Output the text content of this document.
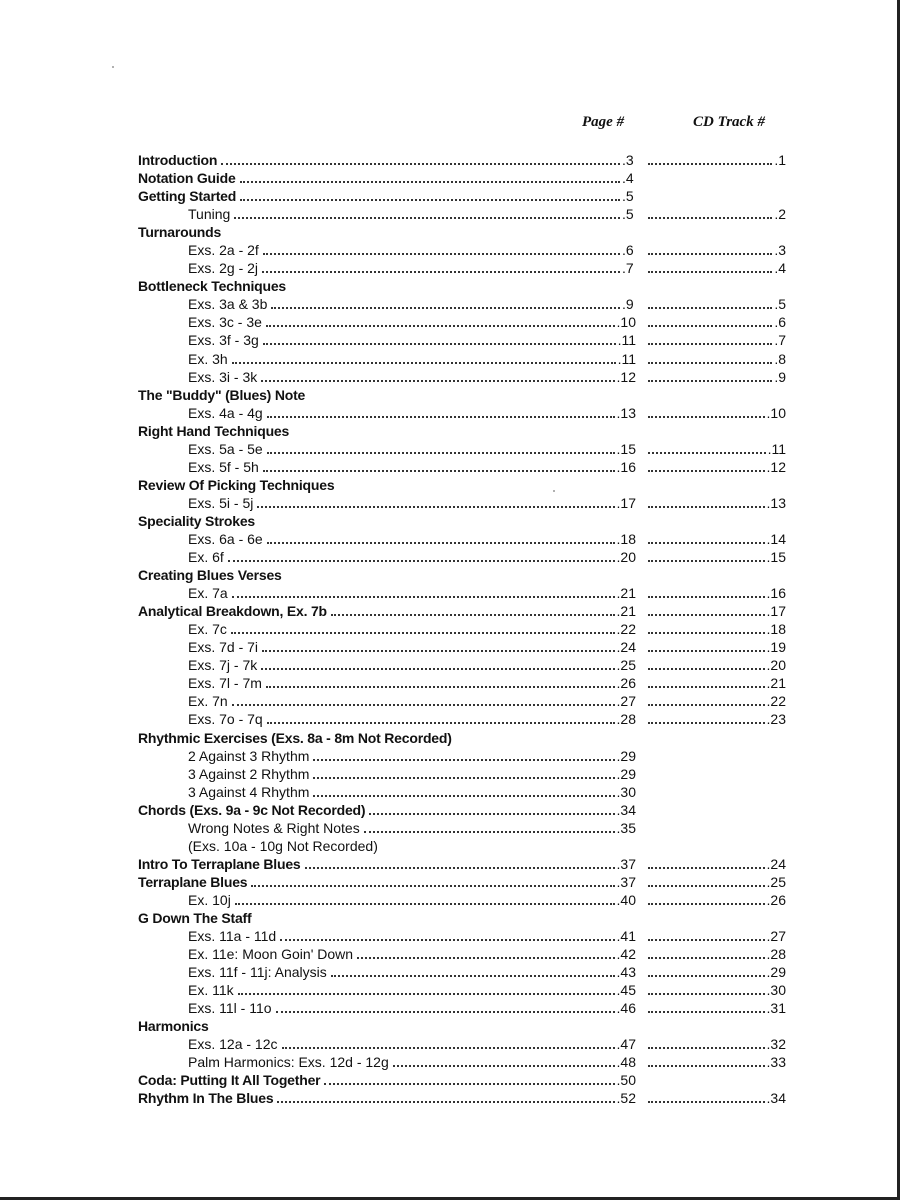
Page #	CD Track #
Introduction	.3	.1
Notation Guide	.4
Getting Started	.5
Tuning	.5	.2
Turnarounds
Exs. 2a - 2f	.6	.3
Exs. 2g - 2j	.7	.4
Bottleneck Techniques
Exs. 3a & 3b	.9	.5
Exs. 3c - 3e	.10	.6
Exs. 3f - 3g	.11	.7
Ex. 3h	.11	.8
Exs. 3i - 3k	.12	.9
The "Buddy" (Blues) Note
Exs. 4a - 4g	.13	.10
Right Hand Techniques
Exs. 5a - 5e	.15	.11
Exs. 5f - 5h	.16	.12
Review Of Picking Techniques
Exs. 5i - 5j	.17	.13
Speciality Strokes
Exs. 6a - 6e	.18	.14
Ex. 6f	.20	.15
Creating Blues Verses
Ex. 7a	.21	.16
Analytical Breakdown, Ex. 7b	.21	.17
Ex. 7c	.22	.18
Exs. 7d - 7i	.24	.19
Exs. 7j - 7k	.25	.20
Exs. 7l - 7m	.26	.21
Ex. 7n	.27	.22
Exs. 7o - 7q	.28	.23
Rhythmic Exercises (Exs. 8a - 8m Not Recorded)
2 Against 3 Rhythm	.29
3 Against 2 Rhythm	.29
3 Against 4 Rhythm	.30
Chords (Exs. 9a - 9c Not Recorded)	.34
Wrong Notes & Right Notes	.35
(Exs. 10a - 10g Not Recorded)
Intro To Terraplane Blues	.37	.24
Terraplane Blues	.37	.25
Ex. 10j	.40	.26
G Down The Staff
Exs. 11a - 11d	.41	.27
Ex. 11e: Moon Goin' Down	.42	.28
Exs. 11f - 11j: Analysis	.43	.29
Ex. 11k	.45	.30
Exs. 11l - 11o	.46	.31
Harmonics
Exs. 12a - 12c	.47	.32
Palm Harmonics: Exs. 12d - 12g	.48	.33
Coda: Putting It All Together	.50
Rhythm In The Blues	.52	.34
